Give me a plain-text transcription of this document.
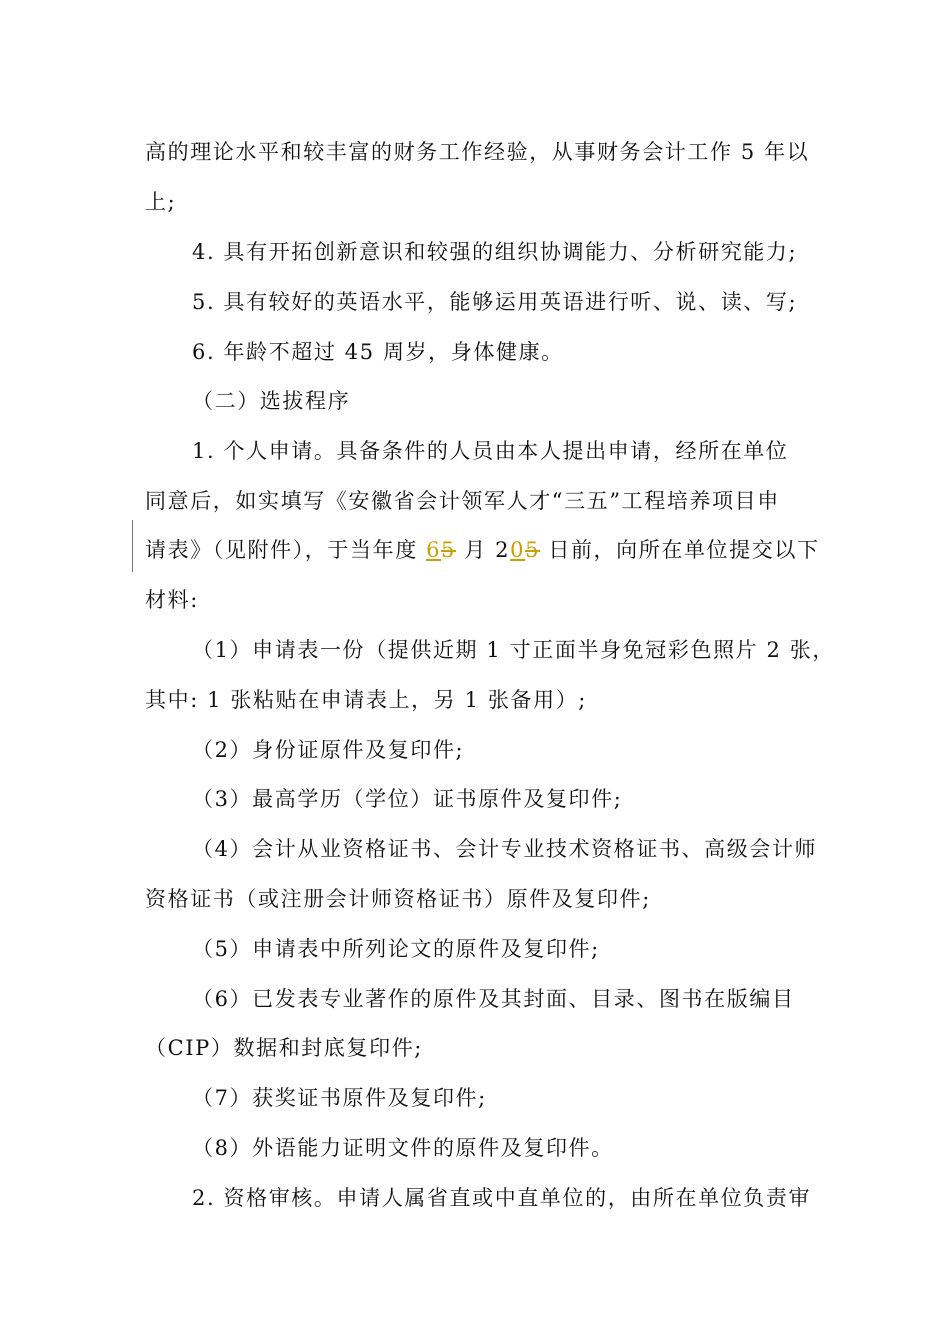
高的理论水平和较丰富的财务工作经验，从事财务会计工作 5 年以
上;
4. 具有开拓创新意识和较强的组织协调能力、分析研究能力;
5. 具有较好的英语水平，能够运用英语进行听、说、读、写;
6. 年龄不超过 45 周岁，身体健康。
（二）选拔程序
1. 个人申请。具备条件的人员由本人提出申请，经所在单位
同意后，如实填写《安徽省会计领军人才“三五”工程培养项目申
请表》（见附件），于当年度 65 月 205 日前，向所在单位提交以下
材料:
（1）申请表一份（提供近期 1 寸正面半身免冠彩色照片 2 张，
其中: 1 张粘贴在申请表上，另 1 张备用）;
（2）身份证原件及复印件;
（3）最高学历（学位）证书原件及复印件;
（4）会计从业资格证书、会计专业技术资格证书、高级会计师
资格证书（或注册会计师资格证书）原件及复印件;
（6）已发表专业著作的原件及其封面、目录、图书在版编目
（5）申请表中所列论文的原件及复印件;
（CIP）数据和封底复印件;
（7）获奖证书原件及复印件;
（8）外语能力证明文件的原件及复印件。
2. 资格审核。申请人属省直或中直单位的，由所在单位负责审
